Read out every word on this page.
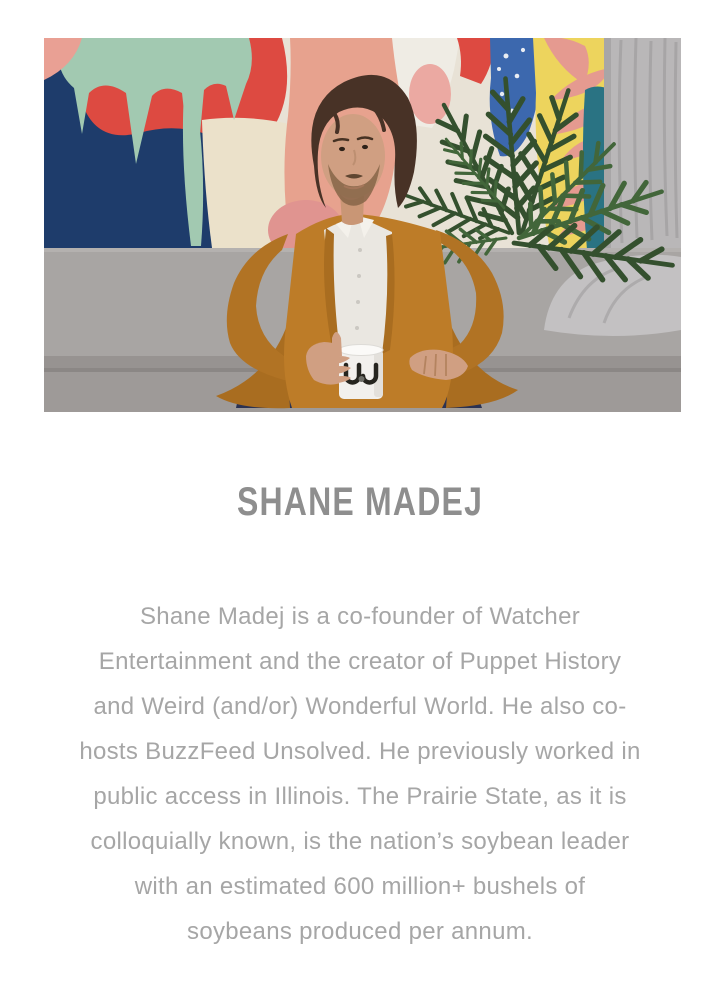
SHANE MADEJ

Shane Madej is a co-founder of Watcher
Entertainment and the creator of Puppet History
and Weird (and/or) Wonderful World. He also co-
hosts BuzzFeed Unsolved. He previously worked in
public access in Illinois. The Prairie State, as it is
colloquially known, is the nation’s soybean leader
with an estimated 600 million+ bushels of
soybeans produced per annum.
